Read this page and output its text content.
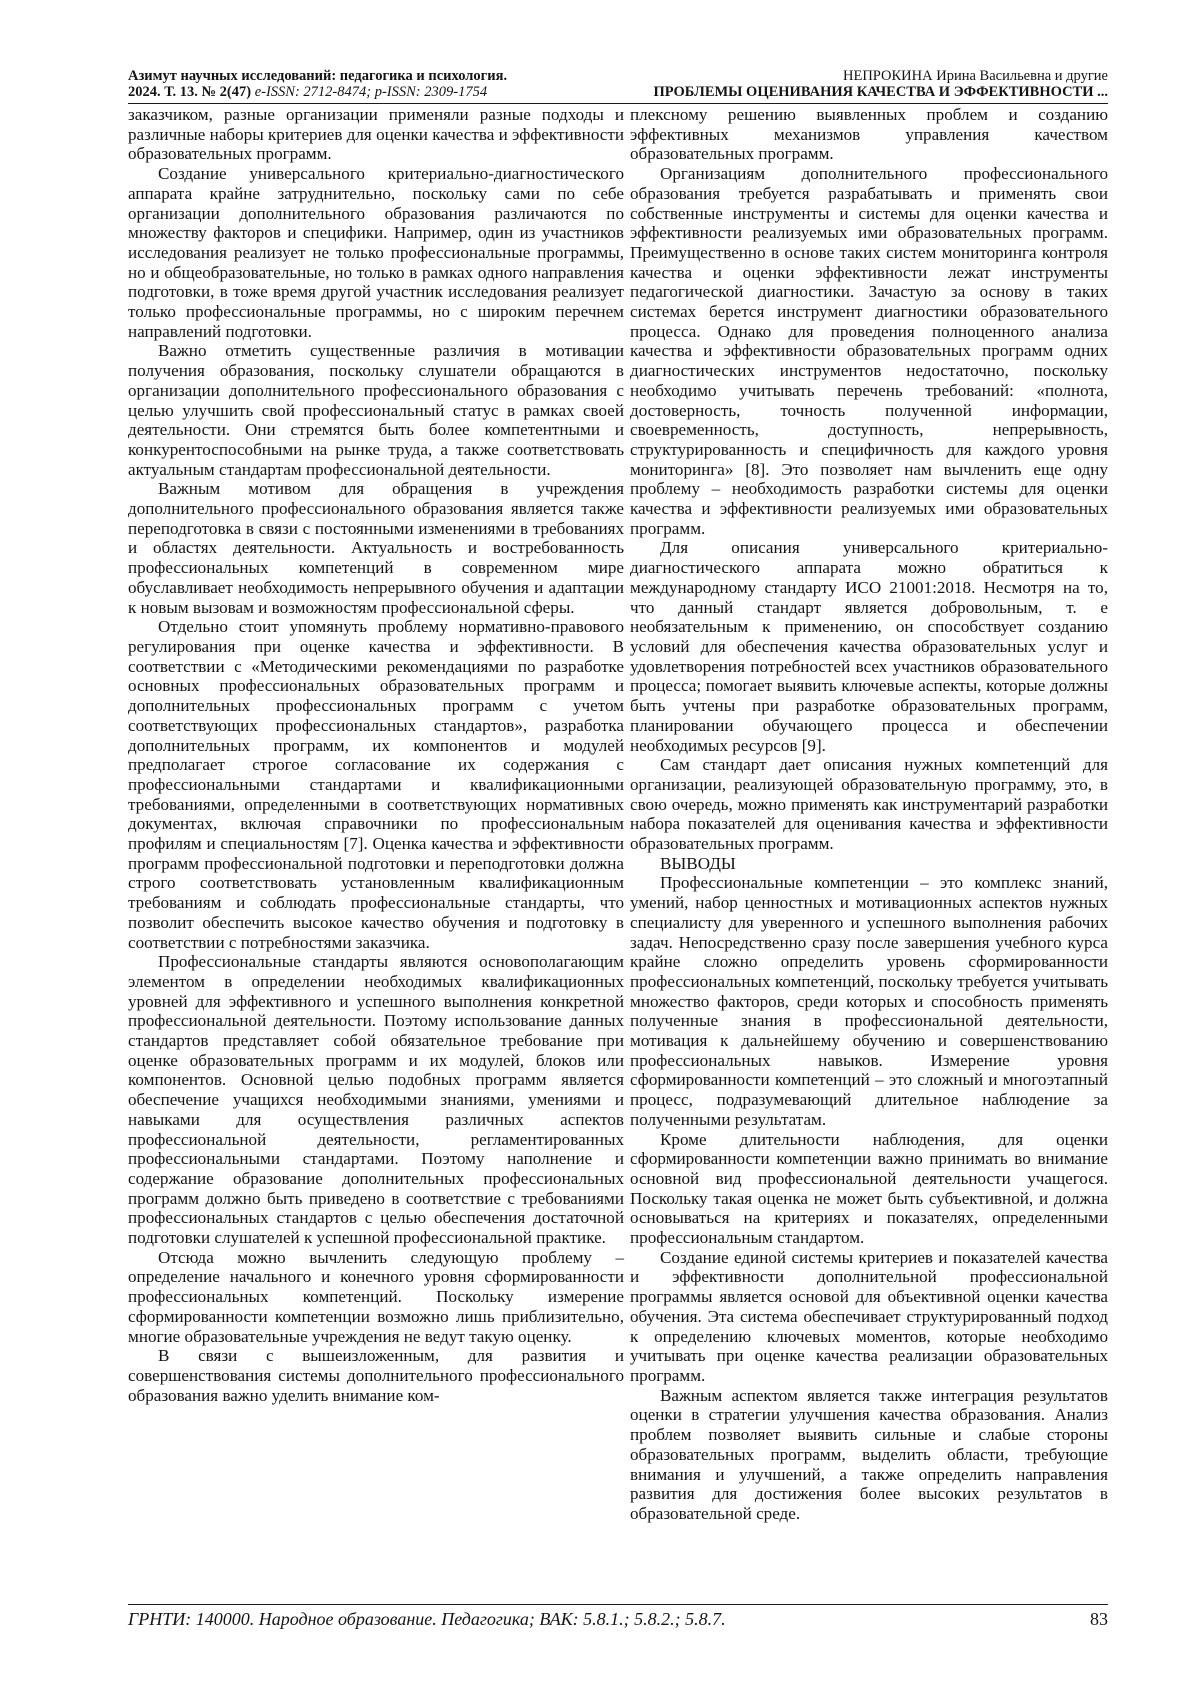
Азимут научных исследований: педагогика и психология.
2024. Т. 13. № 2(47) e-ISSN: 2712-8474; p-ISSN: 2309-1754
НЕПРОКИНА Ирина Васильевна и другие
ПРОБЛЕМЫ ОЦЕНИВАНИЯ КАЧЕСТВА И ЭФФЕКТИВНОСТИ ...

заказчиком, разные организации применяли разные подходы и различные наборы критериев для оценки качества и эффективности образовательных программ.

Создание универсального критериально-диагностического аппарата крайне затруднительно, поскольку сами по себе организации дополнительного образования различаются по множеству факторов и специфики. Например, один из участников исследования реализует не только профессиональные программы, но и общеобразовательные, но только в рамках одного направления подготовки, в тоже время другой участник исследования реализует только профессиональные программы, но с широким перечнем направлений подготовки.

Важно отметить существенные различия в мотивации получения образования, поскольку слушатели обращаются в организации дополнительного профессионального образования с целью улучшить свой профессиональный статус в рамках своей деятельности. Они стремятся быть более компетентными и конкурентоспособными на рынке труда, а также соответствовать актуальным стандартам профессиональной деятельности.

Важным мотивом для обращения в учреждения дополнительного профессионального образования является также переподготовка в связи с постоянными изменениями в требованиях и областях деятельности. Актуальность и востребованность профессиональных компетенций в современном мире обуславливает необходимость непрерывного обучения и адаптации к новым вызовам и возможностям профессиональной сферы.

Отдельно стоит упомянуть проблему нормативно-правового регулирования при оценке качества и эффективности. В соответствии с «Методическими рекомендациями по разработке основных профессиональных образовательных программ и дополнительных профессиональных программ с учетом соответствующих профессиональных стандартов», разработка дополнительных программ, их компонентов и модулей предполагает строгое согласование их содержания с профессиональными стандартами и квалификационными требованиями, определенными в соответствующих нормативных документах, включая справочники по профессиональным профилям и специальностям [7]. Оценка качества и эффективности программ профессиональной подготовки и переподготовки должна строго соответствовать установленным квалификационным требованиям и соблюдать профессиональные стандарты, что позволит обеспечить высокое качество обучения и подготовку в соответствии с потребностями заказчика.

Профессиональные стандарты являются основополагающим элементом в определении необходимых квалификационных уровней для эффективного и успешного выполнения конкретной профессиональной деятельности. Поэтому использование данных стандартов представляет собой обязательное требование при оценке образовательных программ и их модулей, блоков или компонентов. Основной целью подобных программ является обеспечение учащихся необходимыми знаниями, умениями и навыками для осуществления различных аспектов профессиональной деятельности, регламентированных профессиональными стандартами. Поэтому наполнение и содержание образование дополнительных профессиональных программ должно быть приведено в соответствие с требованиями профессиональных стандартов с целью обеспечения достаточной подготовки слушателей к успешной профессиональной практике.

Отсюда можно вычленить следующую проблему – определение начального и конечного уровня сформированности профессиональных компетенций. Поскольку измерение сформированности компетенции возможно лишь приблизительно, многие образовательные учреждения не ведут такую оценку.

В связи с вышеизложенным, для развития и совершенствования системы дополнительного профессионального образования важно уделить внимание ком-

плексному решению выявленных проблем и созданию эффективных механизмов управления качеством образовательных программ.

Организациям дополнительного профессионального образования требуется разрабатывать и применять свои собственные инструменты и системы для оценки качества и эффективности реализуемых ими образовательных программ. Преимущественно в основе таких систем мониторинга контроля качества и оценки эффективности лежат инструменты педагогической диагностики. Зачастую за основу в таких системах берется инструмент диагностики образовательного процесса. Однако для проведения полноценного анализа качества и эффективности образовательных программ одних диагностических инструментов недостаточно, поскольку необходимо учитывать перечень требований: «полнота, достоверность, точность полученной информации, своевременность, доступность, непрерывность, структурированность и специфичность для каждого уровня мониторинга» [8]. Это позволяет нам вычленить еще одну проблему – необходимость разработки системы для оценки качества и эффективности реализуемых ими образовательных программ.

Для описания универсального критериально-диагностического аппарата можно обратиться к международному стандарту ИСО 21001:2018. Несмотря на то, что данный стандарт является добровольным, т. е необязательным к применению, он способствует созданию условий для обеспечения качества образовательных услуг и удовлетворения потребностей всех участников образовательного процесса; помогает выявить ключевые аспекты, которые должны быть учтены при разработке образовательных программ, планировании обучающего процесса и обеспечении необходимых ресурсов [9].

Сам стандарт дает описания нужных компетенций для организации, реализующей образовательную программу, это, в свою очередь, можно применять как инструментарий разработки набора показателей для оценивания качества и эффективности образовательных программ.

ВЫВОДЫ

Профессиональные компетенции – это комплекс знаний, умений, набор ценностных и мотивационных аспектов нужных специалисту для уверенного и успешного выполнения рабочих задач. Непосредственно сразу после завершения учебного курса крайне сложно определить уровень сформированности профессиональных компетенций, поскольку требуется учитывать множество факторов, среди которых и способность применять полученные знания в профессиональной деятельности, мотивация к дальнейшему обучению и совершенствованию профессиональных навыков. Измерение уровня сформированности компетенций – это сложный и многоэтапный процесс, подразумевающий длительное наблюдение за полученными результатам.

Кроме длительности наблюдения, для оценки сформированности компетенции важно принимать во внимание основной вид профессиональной деятельности учащегося. Поскольку такая оценка не может быть субъективной, и должна основываться на критериях и показателях, определенными профессиональным стандартом.

Создание единой системы критериев и показателей качества и эффективности дополнительной профессиональной программы является основой для объективной оценки качества обучения. Эта система обеспечивает структурированный подход к определению ключевых моментов, которые необходимо учитывать при оценке качества реализации образовательных программ.

Важным аспектом является также интеграция результатов оценки в стратегии улучшения качества образования. Анализ проблем позволяет выявить сильные и слабые стороны образовательных программ, выделить области, требующие внимания и улучшений, а также определить направления развития для достижения более высоких результатов в образовательной среде.

ГРНТИ: 140000. Народное образование. Педагогика; ВАК: 5.8.1.; 5.8.2.; 5.8.7.	83
